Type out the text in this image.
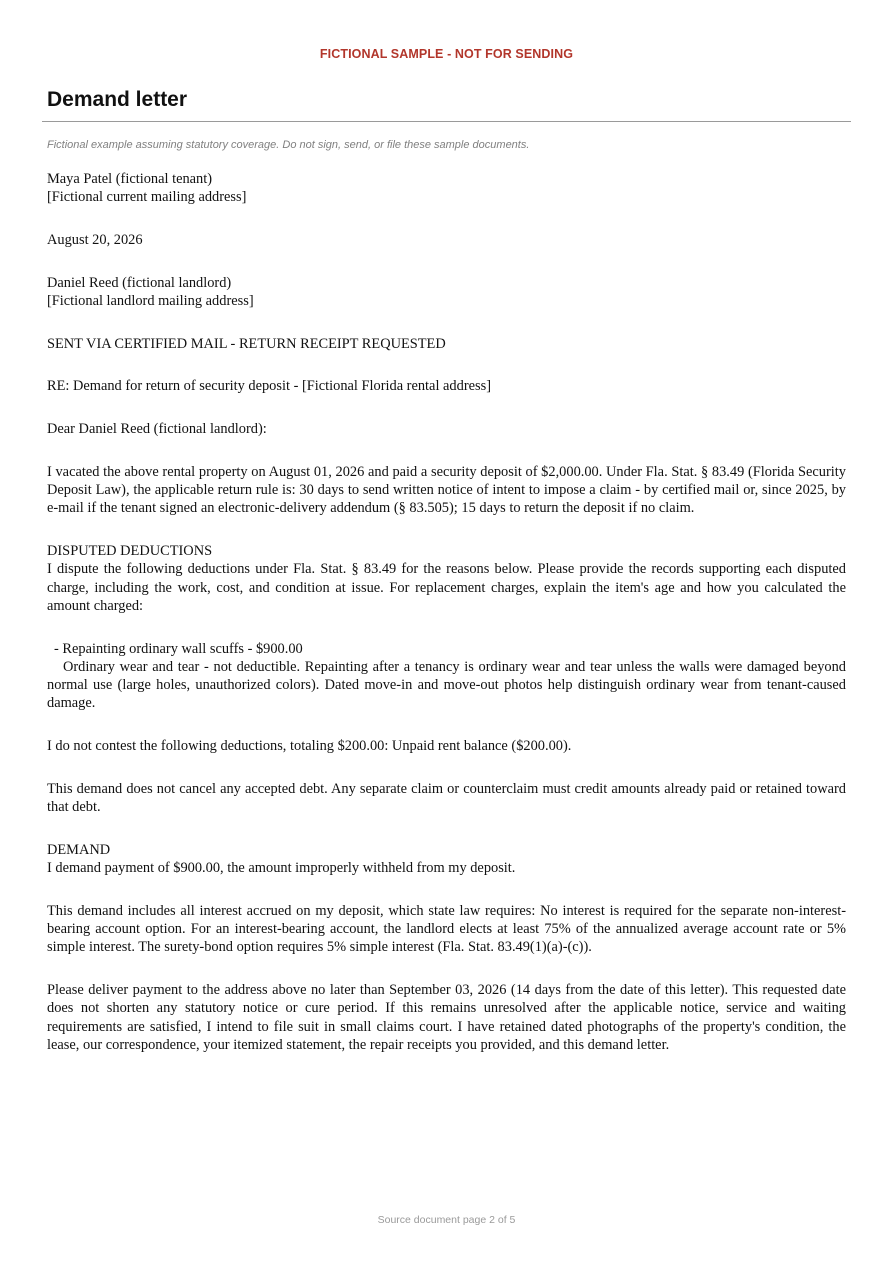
FICTIONAL SAMPLE - NOT FOR SENDING
Demand letter
Fictional example assuming statutory coverage. Do not sign, send, or file these sample documents.

Maya Patel (fictional tenant)
[Fictional current mailing address]

August 20, 2026

Daniel Reed (fictional landlord)
[Fictional landlord mailing address]

SENT VIA CERTIFIED MAIL - RETURN RECEIPT REQUESTED

RE: Demand for return of security deposit - [Fictional Florida rental address]

Dear Daniel Reed (fictional landlord):

I vacated the above rental property on August 01, 2026 and paid a security deposit of $2,000.00. Under Fla. Stat. § 83.49 (Florida Security Deposit Law), the applicable return rule is: 30 days to send written notice of intent to impose a claim - by certified mail or, since 2025, by e-mail if the tenant signed an electronic-delivery addendum (§ 83.505); 15 days to return the deposit if no claim.

DISPUTED DEDUCTIONS
I dispute the following deductions under Fla. Stat. § 83.49 for the reasons below. Please provide the records supporting each disputed charge, including the work, cost, and condition at issue. For replacement charges, explain the item's age and how you calculated the amount charged:

- Repainting ordinary wall scuffs - $900.00
Ordinary wear and tear - not deductible. Repainting after a tenancy is ordinary wear and tear unless the walls were damaged beyond normal use (large holes, unauthorized colors). Dated move-in and move-out photos help distinguish ordinary wear from tenant-caused damage.

I do not contest the following deductions, totaling $200.00: Unpaid rent balance ($200.00).

This demand does not cancel any accepted debt. Any separate claim or counterclaim must credit amounts already paid or retained toward that debt.

DEMAND
I demand payment of $900.00, the amount improperly withheld from my deposit.

This demand includes all interest accrued on my deposit, which state law requires: No interest is required for the separate non-interest-bearing account option. For an interest-bearing account, the landlord elects at least 75% of the annualized average account rate or 5% simple interest. The surety-bond option requires 5% simple interest (Fla. Stat. 83.49(1)(a)-(c)).

Please deliver payment to the address above no later than September 03, 2026 (14 days from the date of this letter). This requested date does not shorten any statutory notice or cure period. If this remains unresolved after the applicable notice, service and waiting requirements are satisfied, I intend to file suit in small claims court. I have retained dated photographs of the property's condition, the lease, our correspondence, your itemized statement, the repair receipts you provided, and this demand letter.

Source document page 2 of 5
